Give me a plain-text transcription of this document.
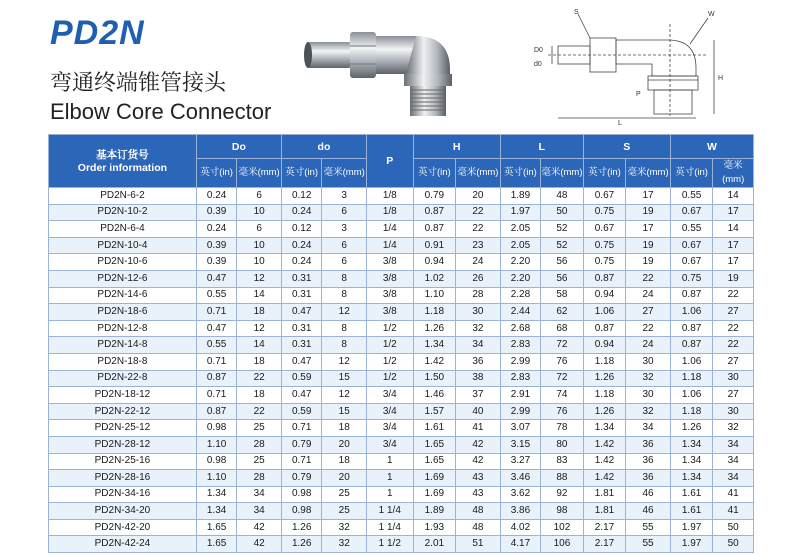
PD2N
弯通终端锥管接头
Elbow Core Connector
S	W
D0
d0
H
P
L
基本订货号
Order information	Do		do		P	H		L		S		W	
	英寸(in)	毫米(mm)	英寸(in)	毫米(mm)		英寸(in)	毫米(mm)	英寸(in)	毫米(mm)	英寸(in)	毫米(mm)	英寸(in)	毫米(mm)
PD2N-6-2	0.24	6	0.12	3	1/8	0.79	20	1.89	48	0.67	17	0.55	14
PD2N-10-2	0.39	10	0.24	6	1/8	0.87	22	1.97	50	0.75	19	0.67	17
PD2N-6-4	0.24	6	0.12	3	1/4	0.87	22	2.05	52	0.67	17	0.55	14
PD2N-10-4	0.39	10	0.24	6	1/4	0.91	23	2.05	52	0.75	19	0.67	17
PD2N-10-6	0.39	10	0.24	6	3/8	0.94	24	2.20	56	0.75	19	0.67	17
PD2N-12-6	0.47	12	0.31	8	3/8	1.02	26	2.20	56	0.87	22	0.75	19
PD2N-14-6	0.55	14	0.31	8	3/8	1.10	28	2.28	58	0.94	24	0.87	22
PD2N-18-6	0.71	18	0.47	12	3/8	1.18	30	2.44	62	1.06	27	1.06	27
PD2N-12-8	0.47	12	0.31	8	1/2	1.26	32	2.68	68	0.87	22	0.87	22
PD2N-14-8	0.55	14	0.31	8	1/2	1.34	34	2.83	72	0.94	24	0.87	22
PD2N-18-8	0.71	18	0.47	12	1/2	1.42	36	2.99	76	1.18	30	1.06	27
PD2N-22-8	0.87	22	0.59	15	1/2	1.50	38	2.83	72	1.26	32	1.18	30
PD2N-18-12	0.71	18	0.47	12	3/4	1.46	37	2.91	74	1.18	30	1.06	27
PD2N-22-12	0.87	22	0.59	15	3/4	1.57	40	2.99	76	1.26	32	1.18	30
PD2N-25-12	0.98	25	0.71	18	3/4	1.61	41	3.07	78	1.34	34	1.26	32
PD2N-28-12	1.10	28	0.79	20	3/4	1.65	42	3.15	80	1.42	36	1.34	34
PD2N-25-16	0.98	25	0.71	18	1	1.65	42	3.27	83	1.42	36	1.34	34
PD2N-28-16	1.10	28	0.79	20	1	1.69	43	3.46	88	1.42	36	1.34	34
PD2N-34-16	1.34	34	0.98	25	1	1.69	43	3.62	92	1.81	46	1.61	41
PD2N-34-20	1.34	34	0.98	25	1 1/4	1.89	48	3.86	98	1.81	46	1.61	41
PD2N-42-20	1.65	42	1.26	32	1 1/4	1.93	48	4.02	102	2.17	55	1.97	50
PD2N-42-24	1.65	42	1.26	32	1 1/2	2.01	51	4.17	106	2.17	55	1.97	50
